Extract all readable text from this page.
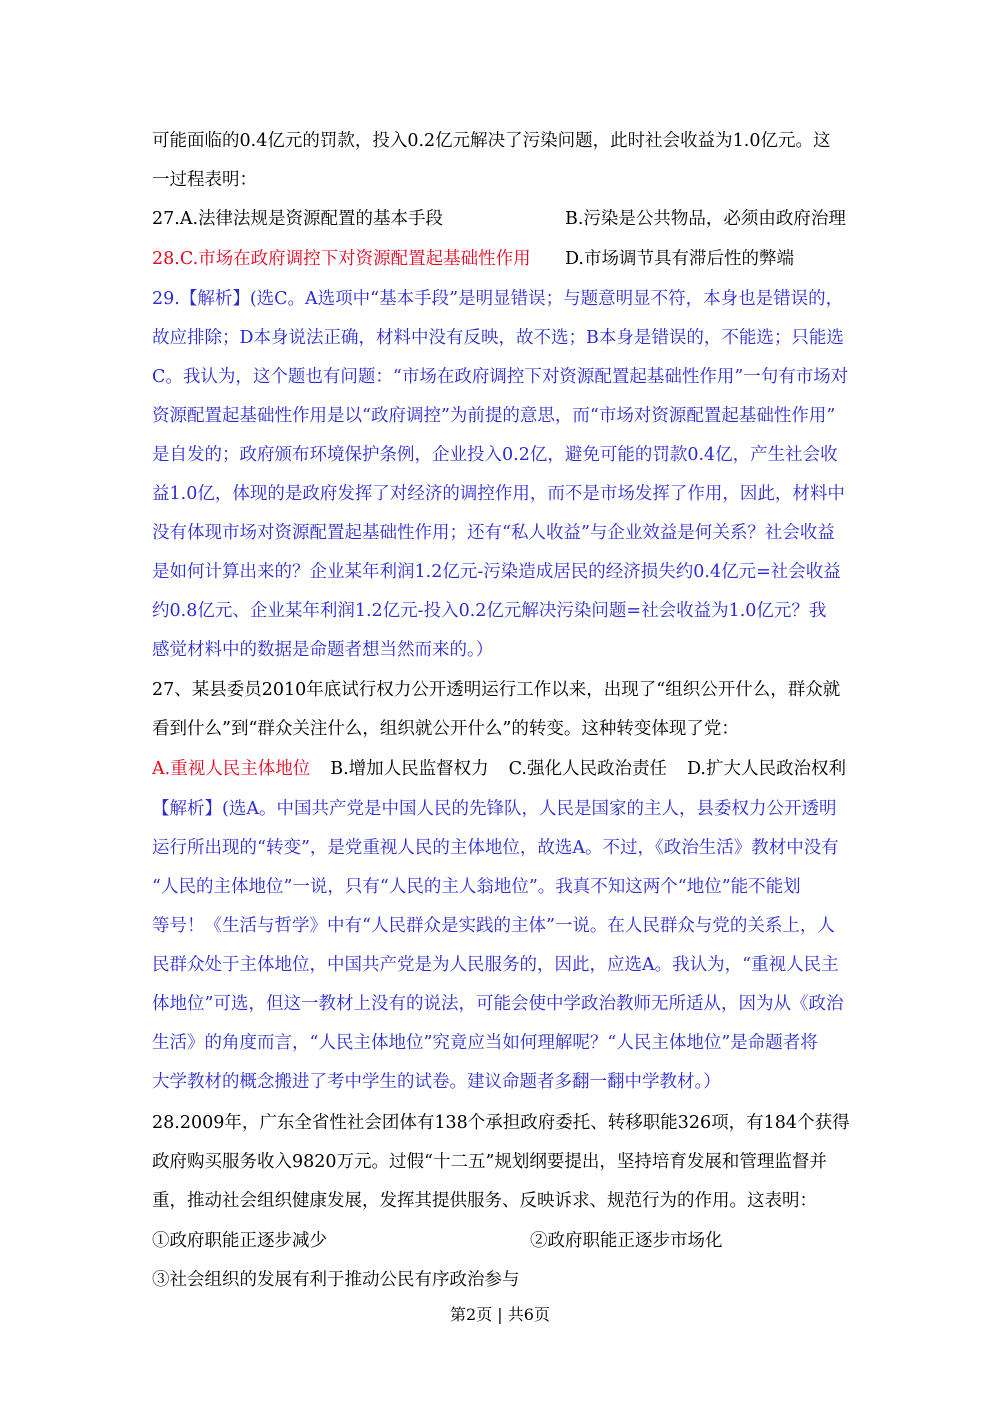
可能面临的0.4亿元的罚款，投入0.2亿元解决了污染问题，此时社会收益为1.0亿元。这
一过程表明：
27.A.法律法规是资源配置的基本手段	B.污染是公共物品，必须由政府治理
28.C.市场在政府调控下对资源配置起基础性作用 D.市场调节具有滞后性的弊端
29.【解析】(选C。A选项中“基本手段”是明显错误；与题意明显不符，本身也是错误的，
故应排除；D本身说法正确，材料中没有反映，故不选；B本身是错误的，不能选；只能选
C。我认为，这个题也有问题：“市场在政府调控下对资源配置起基础性作用”一句有市场对
资源配置起基础性作用是以“政府调控”为前提的意思，而“市场对资源配置起基础性作用”
是自发的；政府颁布环境保护条例，企业投入0.2亿，避免可能的罚款0.4亿，产生社会收
益1.0亿，体现的是政府发挥了对经济的调控作用，而不是市场发挥了作用，因此，材料中
没有体现市场对资源配置起基础性作用；还有“私人收益”与企业效益是何关系？社会收益
是如何计算出来的？企业某年利润1.2亿元-污染造成居民的经济损失约0.4亿元=社会收益
约0.8亿元、企业某年利润1.2亿元-投入0.2亿元解决污染问题=社会收益为1.0亿元？我
感觉材料中的数据是命题者想当然而来的。）
27、某县委员2010年底试行权力公开透明运行工作以来，出现了“组织公开什么，群众就
看到什么”到“群众关注什么，组织就公开什么”的转变。这种转变体现了党：
A.重视人民主体地位 B.增加人民监督权力 C.强化人民政治责任 D.扩大人民政治权利
【解析】(选A。中国共产党是中国人民的先锋队，人民是国家的主人，县委权力公开透明
运行所出现的“转变”，是党重视人民的主体地位，故选A。不过，《政治生活》教材中没有
“人民的主体地位”一说，只有“人民的主人翁地位”。我真不知这两个“地位”能不能划
等号！《生活与哲学》中有“人民群众是实践的主体”一说。在人民群众与党的关系上，人
民群众处于主体地位，中国共产党是为人民服务的，因此，应选A。我认为，“重视人民主
体地位”可选，但这一教材上没有的说法，可能会使中学政治教师无所适从，因为从《政治
生活》的角度而言，“人民主体地位”究竟应当如何理解呢？“人民主体地位”是命题者将
大学教材的概念搬进了考中学生的试卷。建议命题者多翻一翻中学教材。）
28.2009年，广东全省性社会团体有138个承担政府委托、转移职能326项，有184个获得
政府购买服务收入9820万元。过假“十二五”规划纲要提出，坚持培育发展和管理监督并
重，推动社会组织健康发展，发挥其提供服务、反映诉求、规范行为的作用。这表明：
①政府职能正逐步减少	②政府职能正逐步市场化
③社会组织的发展有利于推动公民有序政治参与
第2页 | 共6页
